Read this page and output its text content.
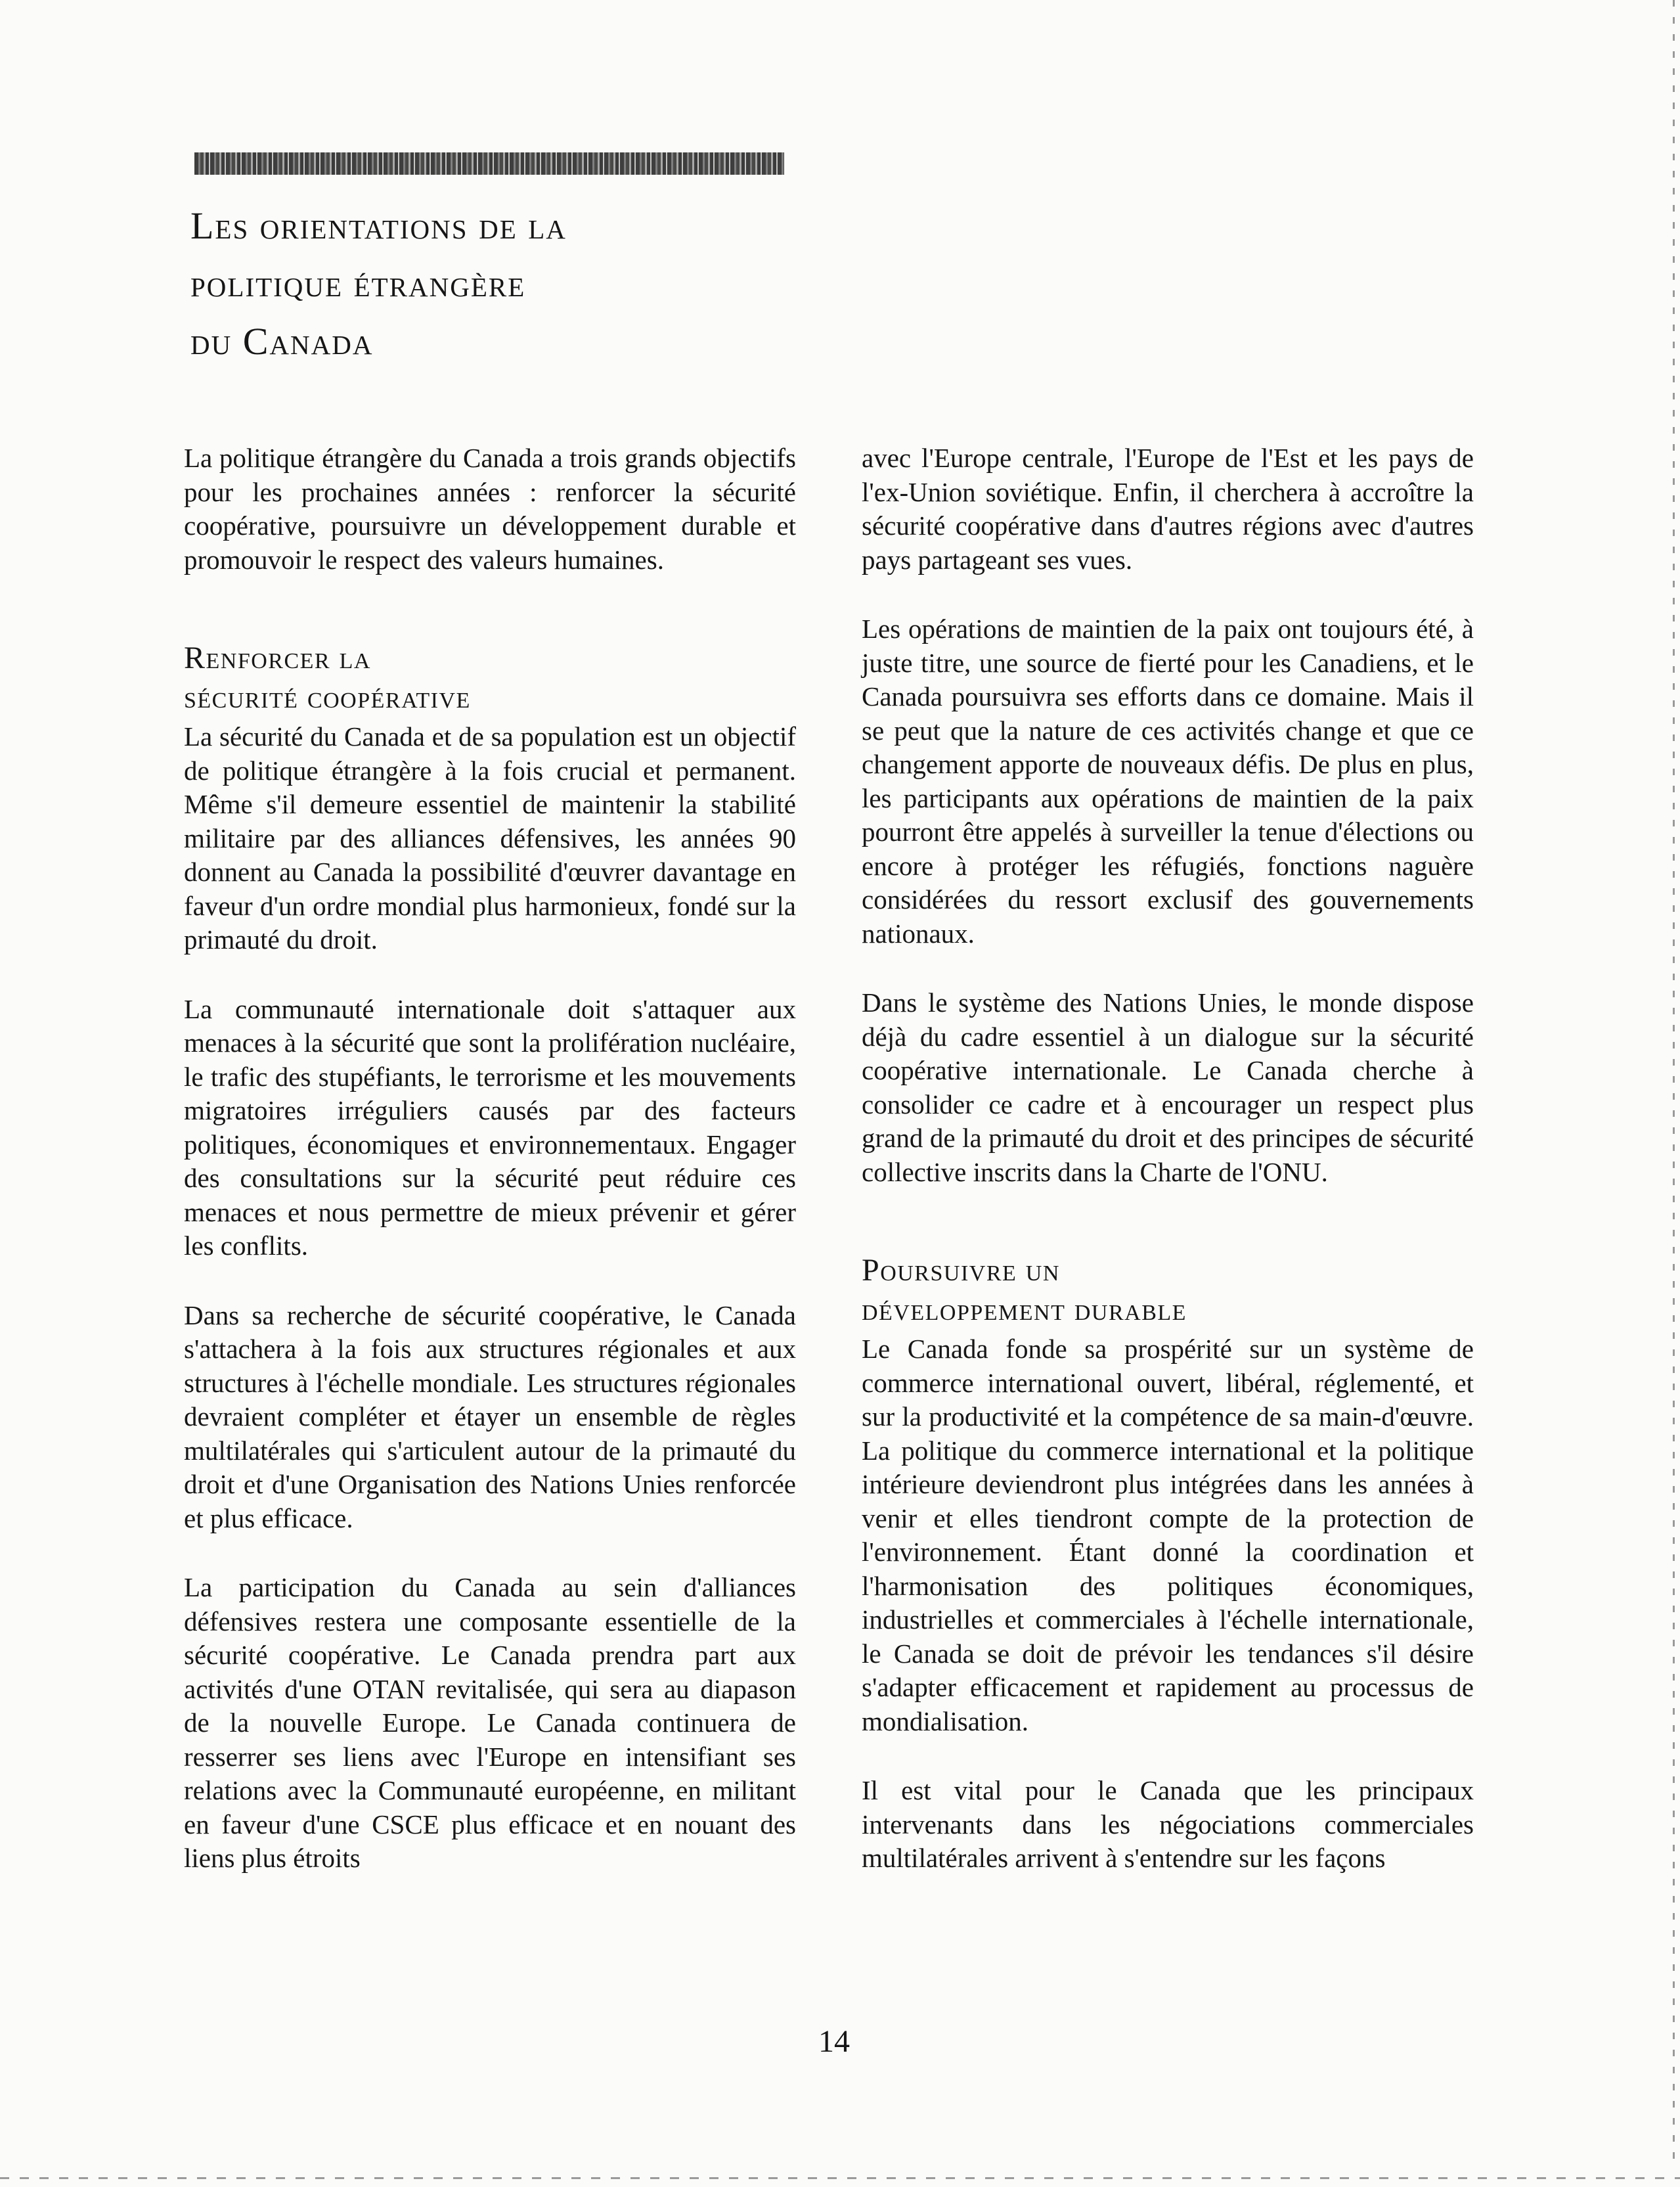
Les orientations de la
politique étrangère
du Canada

La politique étrangère du Canada a trois grands objectifs pour les prochaines années : renforcer la sécurité coopérative, poursuivre un développement durable et promouvoir le respect des valeurs humaines.

Renforcer la
sécurité coopérative

La sécurité du Canada et de sa population est un objectif de politique étrangère à la fois crucial et permanent. Même s'il demeure essentiel de maintenir la stabilité militaire par des alliances défensives, les années 90 donnent au Canada la possibilité d'œuvrer davantage en faveur d'un ordre mondial plus harmonieux, fondé sur la primauté du droit.

La communauté internationale doit s'attaquer aux menaces à la sécurité que sont la prolifération nucléaire, le trafic des stupéfiants, le terrorisme et les mouvements migratoires irréguliers causés par des facteurs politiques, économiques et environnementaux. Engager des consultations sur la sécurité peut réduire ces menaces et nous permettre de mieux prévenir et gérer les conflits.

Dans sa recherche de sécurité coopérative, le Canada s'attachera à la fois aux structures régionales et aux structures à l'échelle mondiale. Les structures régionales devraient compléter et étayer un ensemble de règles multilatérales qui s'articulent autour de la primauté du droit et d'une Organisation des Nations Unies renforcée et plus efficace.

La participation du Canada au sein d'alliances défensives restera une composante essentielle de la sécurité coopérative. Le Canada prendra part aux activités d'une OTAN revitalisée, qui sera au diapason de la nouvelle Europe. Le Canada continuera de resserrer ses liens avec l'Europe en intensifiant ses relations avec la Communauté européenne, en militant en faveur d'une CSCE plus efficace et en nouant des liens plus étroits

avec l'Europe centrale, l'Europe de l'Est et les pays de l'ex-Union soviétique. Enfin, il cherchera à accroître la sécurité coopérative dans d'autres régions avec d'autres pays partageant ses vues.

Les opérations de maintien de la paix ont toujours été, à juste titre, une source de fierté pour les Canadiens, et le Canada poursuivra ses efforts dans ce domaine. Mais il se peut que la nature de ces activités change et que ce changement apporte de nouveaux défis. De plus en plus, les participants aux opérations de maintien de la paix pourront être appelés à surveiller la tenue d'élections ou encore à protéger les réfugiés, fonctions naguère considérées du ressort exclusif des gouvernements nationaux.

Dans le système des Nations Unies, le monde dispose déjà du cadre essentiel à un dialogue sur la sécurité coopérative internationale. Le Canada cherche à consolider ce cadre et à encourager un respect plus grand de la primauté du droit et des principes de sécurité collective inscrits dans la Charte de l'ONU.

Poursuivre un
développement durable

Le Canada fonde sa prospérité sur un système de commerce international ouvert, libéral, réglementé, et sur la productivité et la compétence de sa main-d'œuvre. La politique du commerce international et la politique intérieure deviendront plus intégrées dans les années à venir et elles tiendront compte de la protection de l'environnement. Étant donné la coordination et l'harmonisation des politiques économiques, industrielles et commerciales à l'échelle internationale, le Canada se doit de prévoir les tendances s'il désire s'adapter efficacement et rapidement au processus de mondialisation.

Il est vital pour le Canada que les principaux intervenants dans les négociations commerciales multilatérales arrivent à s'entendre sur les façons

14
